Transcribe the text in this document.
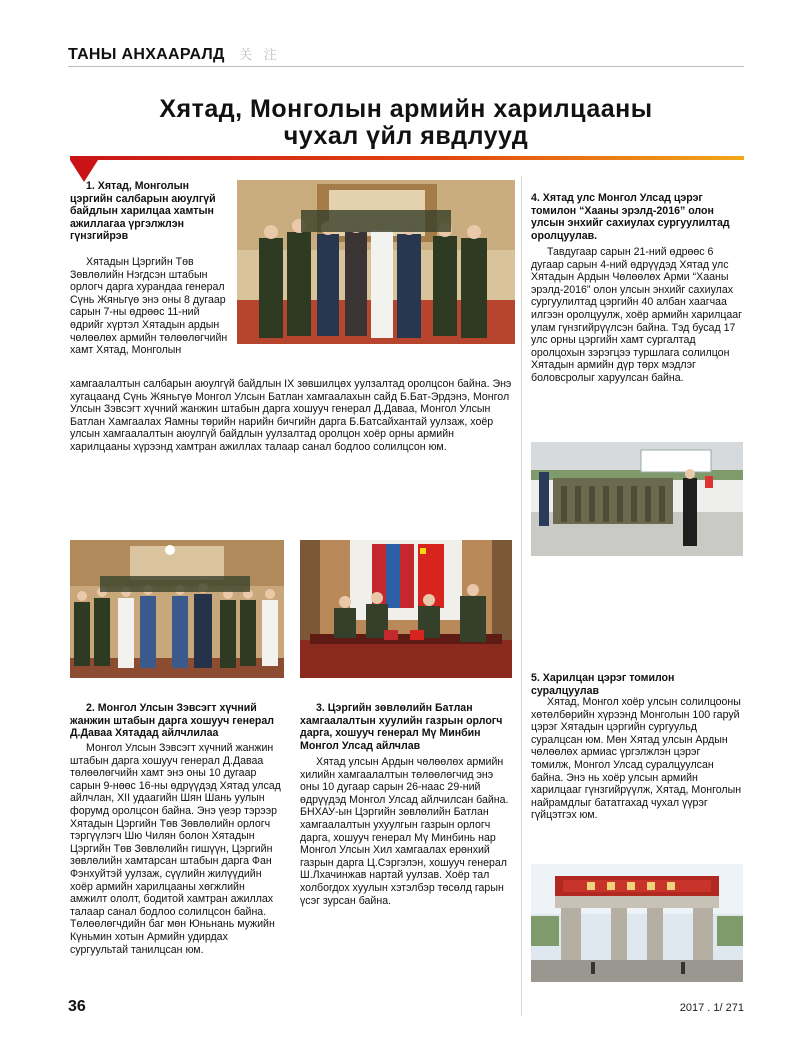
ТАНЫ АНХААРАЛД 关 注
Хятад, Монголын армийн харилцааны
чухал үйл явдлууд
1. Хятад, Монголын цэргийн салбарын аюулгүй байдлын харилцаа хамтын ажиллагаа үргэлжлэн гүнзгийрэв

Хятадын Цэргийн Төв Зөвлөлийн Нэгдсэн штабын орлогч дарга хурандаа генерал Сүнь Жяньгүө энэ оны 8 дугаар сарын 7-ны өдрөөс 11-ний өдрийг хүртэл Хятадын ардын чөлөөлөх армийн төлөөлөгчийн хамт Хятад, Монголын

хамгаалалтын салбарын аюулгүй байдлын IX зөвшилцөх уулзалтад оролцсон байна. Энэ хугацаанд Сүнь Жяньгүө Монгол Улсын Батлан хамгаалахын сайд Б.Бат-Эрдэнэ, Монгол Улсын Зэвсэгт хүчний жанжин штабын дарга хошууч генерал Д.Даваа, Монгол Улсын Батлан Хамгаалах Яамны төрийн нарийн бичгийн дарга Б.Батсайхантай уулзаж, хоёр улсын хамгаалалтын аюулгүй байдлын уулзалтад оролцон хоёр орны армийн харилцааны хүрээнд хамтран ажиллах талаар санал бодлоо солилцсон юм.

4. Хятад улс Монгол Улсад цэрэг томилон “Хааны эрэлд-2016” олон улсын энхийг сахиулах сургуулилтад оролцуулав.

Тавдугаар сарын 21-ний өдрөөс 6 дугаар сарын 4-ний өдрүүдэд Хятад улс Хятадын Ардын Чөлөөлөх Арми “Хааны эрэлд-2016” олон улсын энхийг сахиулах сургуулилтад цэргийн 40 албан хаагчаа илгээн оролцуулж, хоёр армийн харилцааг улам гүнзгийрүүлсэн байна. Тэд бусад 17 улс орны цэргийн хамт сургалтад оролцохын зэрэгцээ туршлага солилцон Хятадын армийн дүр төрх мэдлэг боловсролыг харуулсан байна.

2. Монгол Улсын Зэвсэгт хүчний жанжин штабын дарга хошууч генерал Д.Даваа Хятадад айлчлилаа

Монгол Улсын Зэвсэгт хүчний жанжин штабын дарга хошууч генерал Д.Даваа төлөөлөгчийн хамт энэ оны 10 дугаар сарын 9-нөөс 16-ны өдрүүдэд Хятад улсад айлчлан, XII удаагийн Шян Шань уулын форумд оролцсон байна. Энэ үеэр тэрээр Хятадын Цэргийн Төв Зөвлөлийн орлогч тэргүүлэгч Шю Чилян болон Хятадын Цэргийн Төв Зөвлөлийн гишүүн, Цэргийн зөвлөлийн хамтарсан штабын дарга Фан Фэнхуйтэй уулзаж, сүүлийн жилүүдийн хоёр армийн харилцааны хөгжлийн амжилт ололт, бодитой хамтран ажиллах талаар санал бодлоо солилцсон байна. Төлөөлөгчдийн баг мөн Юньнань мужийн Күньмин хотын Армийн удирдах сургуультай танилцсан юм.

3. Цэргийн зөвлөлийн Батлан хамгаалалтын хуулийн газрын орлогч дарга, хошууч генерал Мү Минбин Монгол Улсад айлчлав

Хятад улсын Ардын чөлөөлөх армийн хилийн хамгаалалтын төлөөлөгчид энэ оны 10 дугаар сарын 26-наас 29-ний өдрүүдэд Монгол Улсад айлчилсан байна. БНХАУ-ын Цэргийн зөвлөлийн Батлан хамгаалалтын ухуулгын газрын орлогч дарга, хошууч генерал Мү Минбинь нар Монгол Улсын Хил хамгаалах ерөнхий газрын дарга Ц.Сэргэлэн, хошууч генерал Ш.Лхачинжав нартай уулзав. Хоёр тал холбогдох хуулын хэтэлбэр төсөлд гарын үсэг зурсан байна.

5. Харилцан цэрэг томилон суралцуулав

Хятад, Монгол хоёр улсын солилцооны хөтөлбөрийн хүрээнд Монголын 100 гаруй цэрэг Хятадын цэргийн сургуульд суралцсан юм. Мөн Хятад улсын Ардын чөлөөлөх армиас үргэлжлэн цэрэг томилж, Монгол Улсад суралцуулсан байна. Энэ нь хоёр улсын армийн харилцааг гүнзгийрүүлж, Хятад, Монголын найрамдлыг бататгахад чухал үүрэг гүйцэтгэх юм.

36	2017 . 1/ 271
